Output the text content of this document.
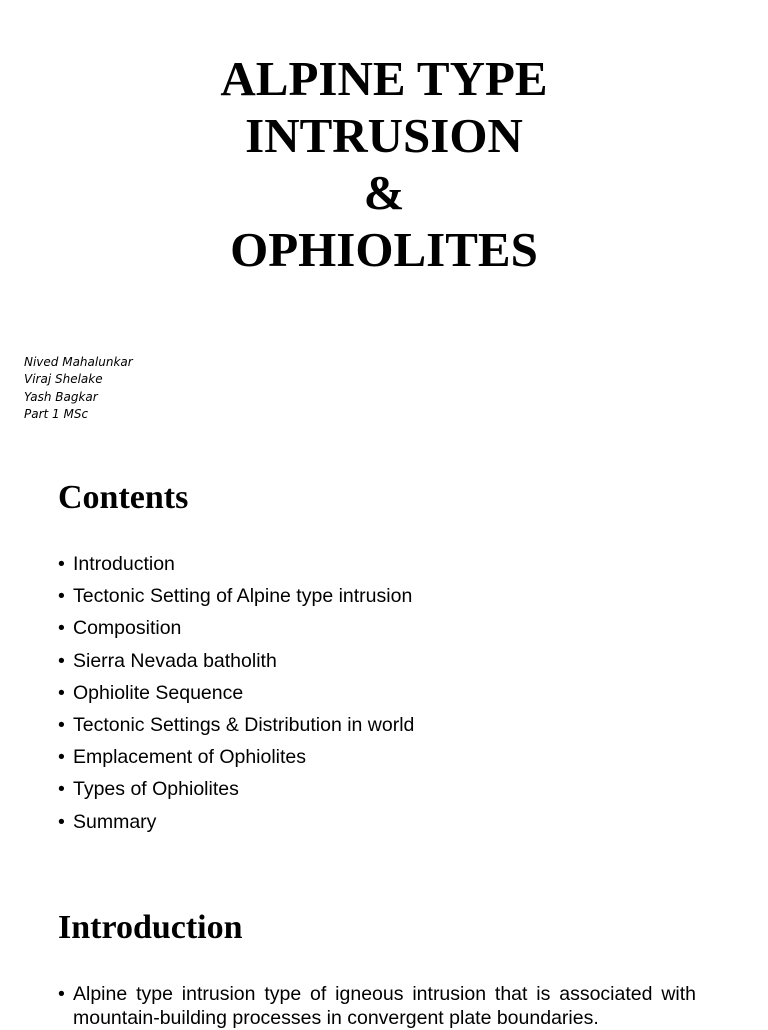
ALPINE TYPE
INTRUSION
&
OPHIOLITES
Nived Mahalunkar
Viraj Shelake
Yash Bagkar
Part 1 MSc
Contents
• Introduction
• Tectonic Setting of Alpine type intrusion
• Composition
• Sierra Nevada batholith
• Ophiolite Sequence
• Tectonic Settings & Distribution in world
• Emplacement of Ophiolites
• Types of Ophiolites
• Summary
Introduction
• Alpine type intrusion type of igneous intrusion that is associated with mountain-building processes in convergent plate boundaries.
